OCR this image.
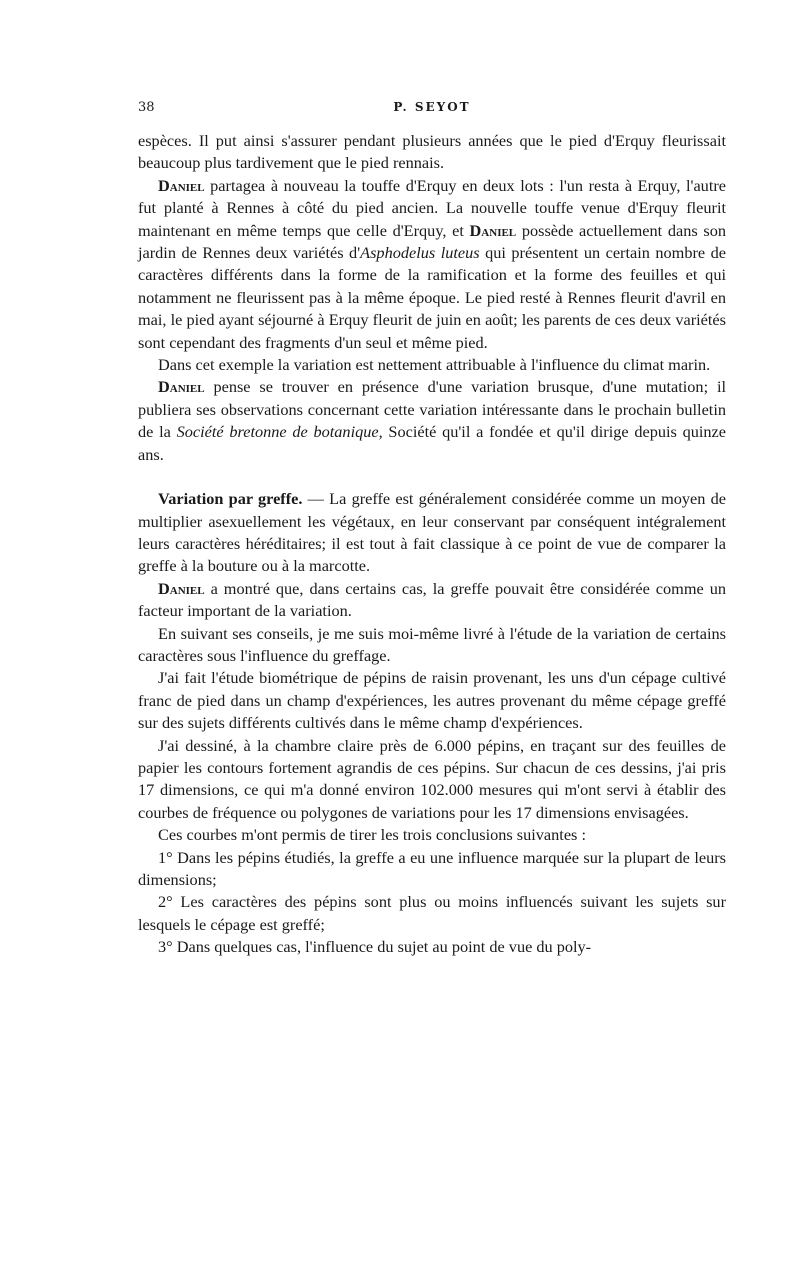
38	P. SEYOT

espèces. Il put ainsi s'assurer pendant plusieurs années que le pied d'Erquy fleurissait beaucoup plus tardivement que le pied rennais.

Daniel partagea à nouveau la touffe d'Erquy en deux lots : l'un resta à Erquy, l'autre fut planté à Rennes à côté du pied ancien. La nouvelle touffe venue d'Erquy fleurit maintenant en même temps que celle d'Erquy, et Daniel possède actuellement dans son jardin de Rennes deux variétés d'Asphodelus luteus qui présentent un certain nombre de caractères différents dans la forme de la ramification et la forme des feuilles et qui notamment ne fleurissent pas à la même époque. Le pied resté à Rennes fleurit d'avril en mai, le pied ayant séjourné à Erquy fleurit de juin en août; les parents de ces deux variétés sont cependant des fragments d'un seul et même pied.

Dans cet exemple la variation est nettement attribuable à l'influence du climat marin.

Daniel pense se trouver en présence d'une variation brusque, d'une mutation; il publiera ses observations concernant cette variation intéressante dans le prochain bulletin de la Société bretonne de botanique, Société qu'il a fondée et qu'il dirige depuis quinze ans.

Variation par greffe. — La greffe est généralement considérée comme un moyen de multiplier asexuellement les végétaux, en leur conservant par conséquent intégralement leurs caractères héréditaires; il est tout à fait classique à ce point de vue de comparer la greffe à la bouture ou à la marcotte.

Daniel a montré que, dans certains cas, la greffe pouvait être considérée comme un facteur important de la variation.

En suivant ses conseils, je me suis moi-même livré à l'étude de la variation de certains caractères sous l'influence du greffage.

J'ai fait l'étude biométrique de pépins de raisin provenant, les uns d'un cépage cultivé franc de pied dans un champ d'expériences, les autres provenant du même cépage greffé sur des sujets différents cultivés dans le même champ d'expériences.

J'ai dessiné, à la chambre claire près de 6.000 pépins, en traçant sur des feuilles de papier les contours fortement agrandis de ces pépins. Sur chacun de ces dessins, j'ai pris 17 dimensions, ce qui m'a donné environ 102.000 mesures qui m'ont servi à établir des courbes de fréquence ou polygones de variations pour les 17 dimensions envisagées.

Ces courbes m'ont permis de tirer les trois conclusions suivantes :

1° Dans les pépins étudiés, la greffe a eu une influence marquée sur la plupart de leurs dimensions;

2° Les caractères des pépins sont plus ou moins influencés suivant les sujets sur lesquels le cépage est greffé;

3° Dans quelques cas, l'influence du sujet au point de vue du poly-
